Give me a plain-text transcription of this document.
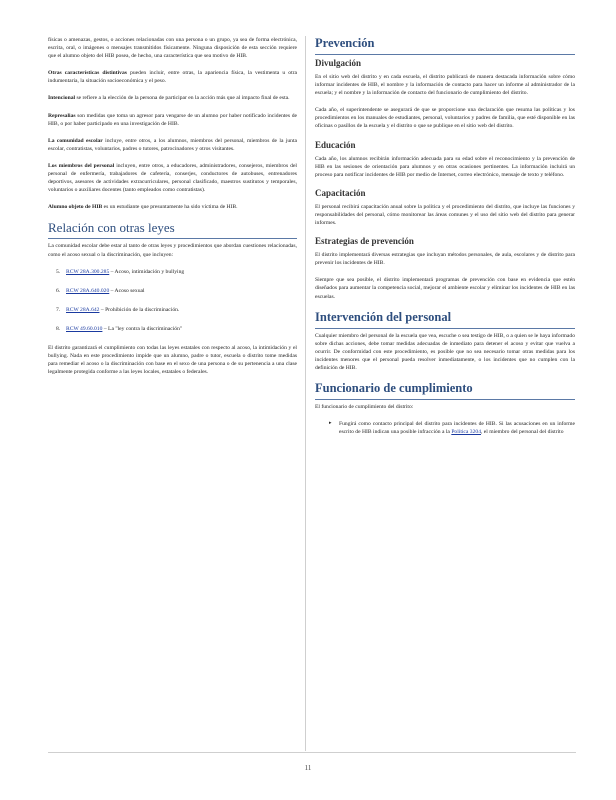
físicas o amenazas, gestos, o acciones relacionadas con una persona o un grupo, ya sea de forma electrónica, escrita, oral, o imágenes o mensajes transmitidos físicamente. Ninguna disposición de esta sección requiere que el alumno objeto del HIB posea, de hecho, una característica que sea motivo de HIB.

Otras características distintivas pueden incluir, entre otras, la apariencia física, la vestimenta u otra indumentaria, la situación socioeconómica y el peso.

Intencional se refiere a la elección de la persona de participar en la acción más que al impacto final de esta.

Represalias son medidas que toma un agresor para vengarse de un alumno por haber notificado incidentes de HIB, o por haber participado en una investigación de HIB.

La comunidad escolar incluye, entre otros, a los alumnos, miembros del personal, miembros de la junta escolar, contratistas, voluntarios, padres o tutores, patrocinadores y otros visitantes.

Los miembros del personal incluyen, entre otros, a educadores, administradores, consejeros, miembros del personal de enfermería, trabajadores de cafetería, conserjes, conductores de autobuses, entrenadores deportivos, asesores de actividades extracurriculares, personal clasificado, maestros sustitutos y temporales, voluntarios o auxiliares docentes (tanto empleados como contratistas).

Alumno objeto de HIB es un estudiante que presuntamente ha sido víctima de HIB.

Relación con otras leyes

La comunidad escolar debe estar al tanto de otras leyes y procedimientos que abordan cuestiones relacionadas, como el acoso sexual o la discriminación, que incluyen:

5.	RCW 28A.300.285 – Acoso, intimidación y bullying
6.	RCW 28A.640.020 – Acoso sexual
7.	RCW 28A.642 – Prohibición de la discriminación.
8.	RCW 49.60.010 – La "ley contra la discriminación"

El distrito garantizará el cumplimiento con todas las leyes estatales con respecto al acoso, la intimidación y el bullying. Nada en este procedimiento impide que un alumno, padre o tutor, escuela o distrito tome medidas para remediar el acoso o la discriminación con base en el sexo de una persona o de su pertenencia a una clase legalmente protegida conforme a las leyes locales, estatales o federales.

Prevención
Divulgación

En el sitio web del distrito y en cada escuela, el distrito publicará de manera destacada información sobre cómo informar incidentes de HIB, el nombre y la información de contacto para hacer un informe al administrador de la escuela; y el nombre y la información de contacto del funcionario de cumplimiento del distrito.

Cada año, el superintendente se asegurará de que se proporcione una declaración que resuma las políticas y los procedimientos en los manuales de estudiantes, personal, voluntarios y padres de familia, que esté disponible en las oficinas o pasillos de la escuela y el distrito o que se publique en el sitio web del distrito.

Educación

Cada año, los alumnos recibirán información adecuada para su edad sobre el reconocimiento y la prevención de HIB en las sesiones de orientación para alumnos y en otras ocasiones pertinentes. La información incluirá un proceso para notificar incidentes de HIB por medio de Internet, correo electrónico, mensaje de texto y teléfono.

Capacitación

El personal recibirá capacitación anual sobre la política y el procedimiento del distrito, que incluye las funciones y responsabilidades del personal, cómo monitorear las áreas comunes y el uso del sitio web del distrito para generar informes.

Estrategias de prevención

El distrito implementará diversas estrategias que incluyan métodos personales, de aula, escolares y de distrito para prevenir los incidentes de HIB.

Siempre que sea posible, el distrito implementará programas de prevención con base en evidencia que estén diseñados para aumentar la competencia social, mejorar el ambiente escolar y eliminar los incidentes de HIB en las escuelas.

Intervención del personal

Cualquier miembro del personal de la escuela que vea, escuche o sea testigo de HIB, o a quien se le haya informado sobre dichas acciones, debe tomar medidas adecuadas de inmediato para detener el acoso y evitar que vuelva a ocurrir. De conformidad con este procedimiento, es posible que no sea necesario tomar otras medidas para los incidentes menores que el personal pueda resolver inmediatamente, o los incidentes que no cumplen con la definición de HIB.

Funcionario de cumplimiento

El funcionario de cumplimiento del distrito:

▸ Fungirá como contacto principal del distrito para incidentes de HIB. Si las acusaciones en un informe escrito de HIB indican una posible infracción a la Política 3204, el miembro del personal del distrito
11
